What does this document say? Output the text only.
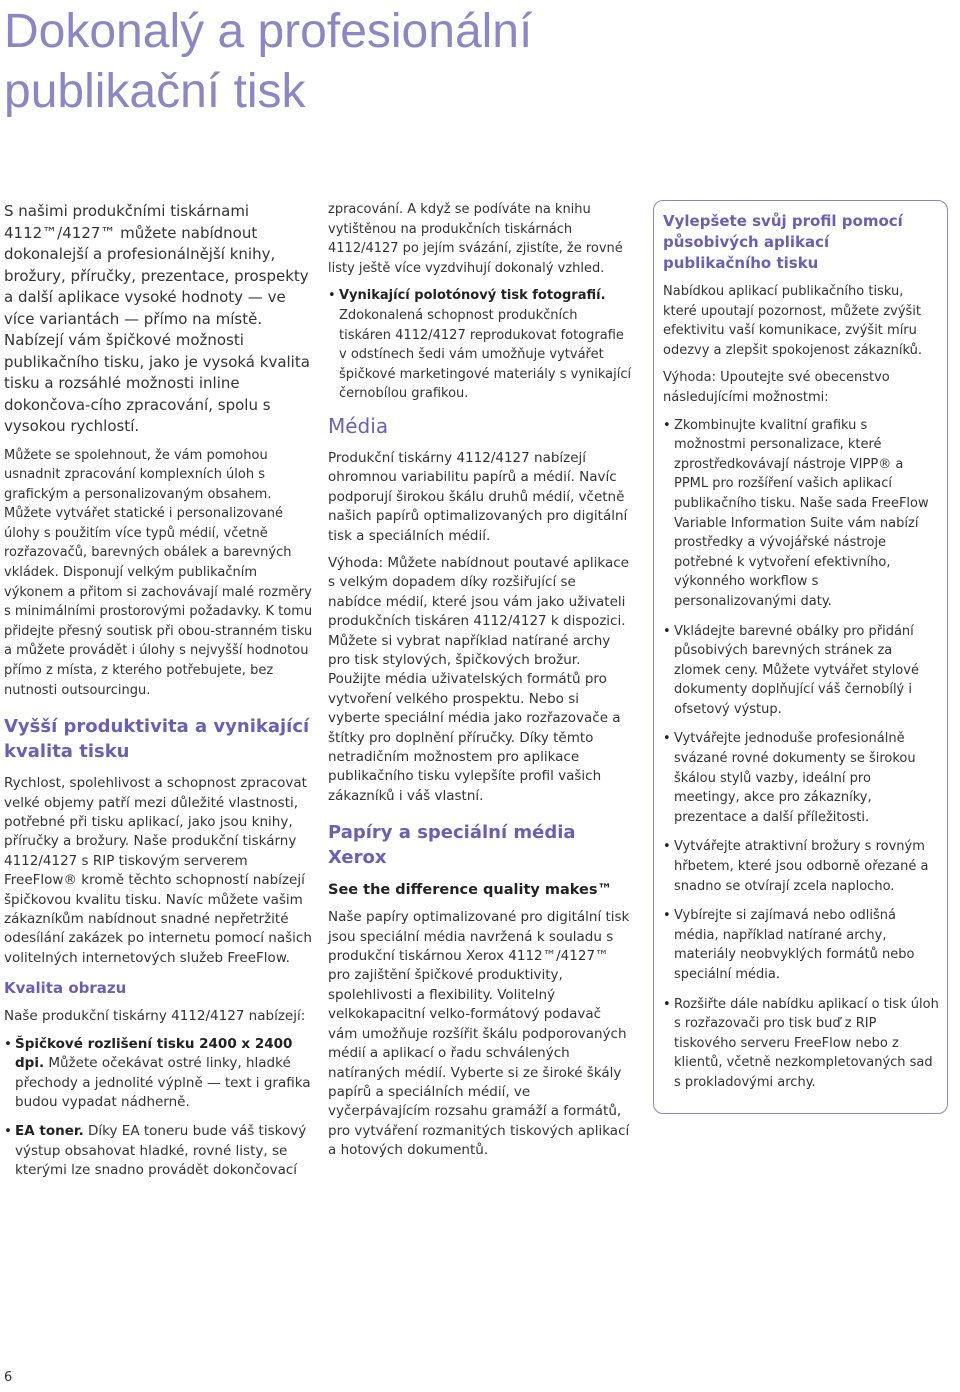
Dokonalý a profesionální
publikační tisk

S našimi produkčními tiskárnami 4112™/4127™ můžete nabídnout dokonalejší a profesionálnější knihy, brožury, příručky, prezentace, prospekty a další aplikace vysoké hodnoty — ve více variantách — přímo na místě. Nabízejí vám špičkové možnosti publikačního tisku, jako je vysoká kvalita tisku a rozsáhlé možnosti inline dokončova-cího zpracování, spolu s vysokou rychlostí.

Můžete se spolehnout, že vám pomohou usnadnit zpracování komplexních úloh s grafickým a personalizovaným obsahem. Můžete vytvářet statické i personalizované úlohy s použitím více typů médií, včetně rozřazovačů, barevných obálek a barevných vkládek. Disponují velkým publikačním výkonem a přitom si zachovávají malé rozměry s minimálními prostorovými požadavky. K tomu přidejte přesný soutisk při obou-stranném tisku a můžete provádět i úlohy s nejvyšší hodnotou přímo z místa, z kterého potřebujete, bez nutnosti outsourcingu.

Vyšší produktivita a vynikající kvalita tisku

Rychlost, spolehlivost a schopnost zpracovat velké objemy patří mezi důležité vlastnosti, potřebné při tisku aplikací, jako jsou knihy, příručky a brožury. Naše produkční tiskárny 4112/4127 s RIP tiskovým serverem FreeFlow® kromě těchto schopností nabízejí špičkovou kvalitu tisku. Navíc můžete vašim zákazníkům nabídnout snadné nepřetržité odesílání zakázek po internetu pomocí našich volitelných internetových služeb FreeFlow.

Kvalita obrazu

Naše produkční tiskárny 4112/4127 nabízejí:

• Špičkové rozlišení tisku 2400 x 2400 dpi. Můžete očekávat ostré linky, hladké přechody a jednolité výplně — text i grafika budou vypadat nádherně.
• EA toner. Díky EA toneru bude váš tiskový výstup obsahovat hladké, rovné listy, se kterými lze snadno provádět dokončovací

zpracování. A když se podíváte na knihu vytištěnou na produkčních tiskárnách 4112/4127 po jejím svázání, zjistíte, že rovné listy ještě více vyzdvihují dokonalý vzhled.

• Vynikající polotónový tisk fotografií. Zdokonalená schopnost produkčních tiskáren 4112/4127 reprodukovat fotografie v odstínech šedi vám umožňuje vytvářet špičkové marketingové materiály s vynikající černobílou grafikou.
Média

Produkční tiskárny 4112/4127 nabízejí ohromnou variabilitu papírů a médií. Navíc podporují širokou škálu druhů médií, včetně našich papírů optimalizovaných pro digitální tisk a speciálních médií.

Výhoda: Můžete nabídnout poutavé aplikace s velkým dopadem díky rozšiřující se nabídce médií, které jsou vám jako uživateli produkčních tiskáren 4112/4127 k dispozici. Můžete si vybrat například natírané archy pro tisk stylových, špičkových brožur. Použijte média uživatelských formátů pro vytvoření velkého prospektu. Nebo si vyberte speciální média jako rozřazovače a štítky pro doplnění příručky. Díky těmto netradičním možnostem pro aplikace publikačního tisku vylepšíte profil vašich zákazníků i váš vlastní.

Papíry a speciální média Xerox
See the difference quality makes™

Naše papíry optimalizované pro digitální tisk jsou speciální média navržená k souladu s produkční tiskárnou Xerox 4112™/4127™ pro zajištění špičkové produktivity, spolehlivosti a flexibility. Volitelný velkokapacitní velko-formátový podavač vám umožňuje rozšířit škálu podporovaných médií a aplikací o řadu schválených natíraných médií. Vyberte si ze široké škály papírů a speciálních médií, ve vyčerpávajícím rozsahu gramáží a formátů, pro vytváření rozmanitých tiskových aplikací a hotových dokumentů.

Vylepšete svůj profil pomocí působivých aplikací publikačního tisku

Nabídkou aplikací publikačního tisku, které upoutají pozornost, můžete zvýšit efektivitu vaší komunikace, zvýšit míru odezvy a zlepšit spokojenost zákazníků.

Výhoda: Upoutejte své obecenstvo následujícími možnostmi:

• Zkombinujte kvalitní grafiku s možnostmi personalizace, které zprostředkovávají nástroje VIPP® a PPML pro rozšíření vašich aplikací publikačního tisku. Naše sada FreeFlow Variable Information Suite vám nabízí prostředky a vývojářské nástroje potřebné k vytvoření efektivního, výkonného workflow s personalizovanými daty.
• Vkládejte barevné obálky pro přidání působivých barevných stránek za zlomek ceny. Můžete vytvářet stylové dokumenty doplňující váš černobílý i ofsetový výstup.
• Vytvářejte jednoduše profesionálně svázané rovné dokumenty se širokou škálou stylů vazby, ideální pro meetingy, akce pro zákazníky, prezentace a další příležitosti.
• Vytvářejte atraktivní brožury s rovným hřbetem, které jsou odborně ořezané a snadno se otvírají zcela naplocho.
• Vybírejte si zajímavá nebo odlišná média, například natírané archy, materiály neobvyklých formátů nebo speciální média.
• Rozšiřte dále nabídku aplikací o tisk úloh s rozřazovači pro tisk buď z RIP tiskového serveru FreeFlow nebo z klientů, včetně nezkompletovaných sad s prokladovými archy.
6
